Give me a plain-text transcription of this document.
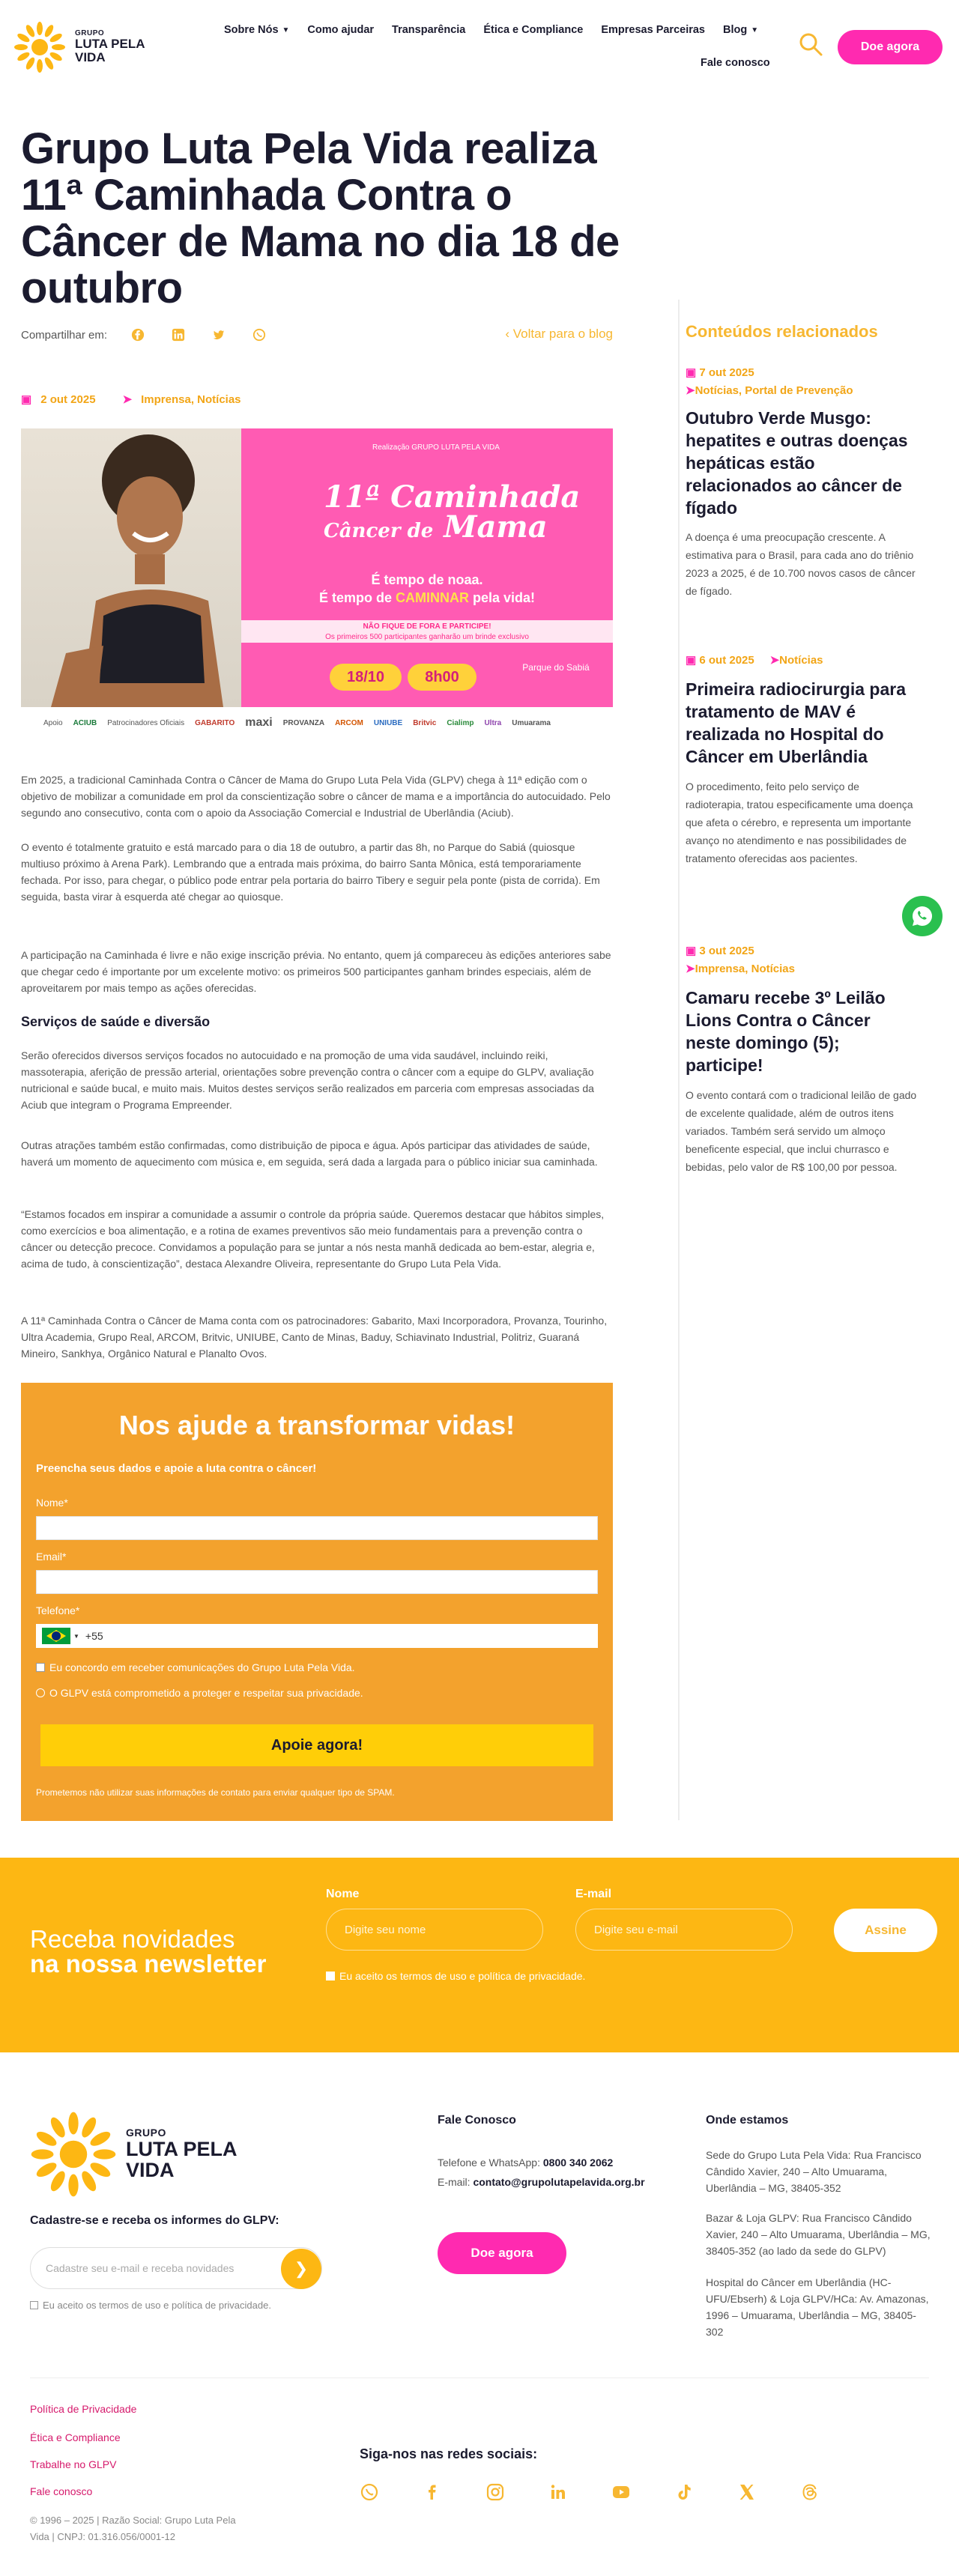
GRUPO
LUTA PELA
VIDA
Sobre Nós ▼ Como ajudar Transparência Ética e Compliance Empresas Parceiras Blog ▼
Fale conosco
Doe agora
Grupo Luta Pela Vida realiza 11ª Caminhada Contra o Câncer de Mama no dia 18 de outubro
Compartilhar em:	‹ Voltar para o blog
▣ 2 out 2025 ➤ Imprensa, Notícias
Realização GRUPO LUTA PELA VIDA
11ª Caminhada
Câncer de Mama
É tempo de noaa.
É tempo de CAMINNAR pela vida!
NÃO FIQUE DE FORA E PARTICIPE!
Os primeiros 500 participantes ganharão um brinde exclusivo
18/10	8h00
Parque do Sabiá
Apoio ACIUB Patrocinadores Oficiais GABARITO maxi PROVANZA ARCOM UNIUBE Britvic Cialimp Ultra Umuarama

Em 2025, a tradicional Caminhada Contra o Câncer de Mama do Grupo Luta Pela Vida (GLPV) chega à 11ª edição com o objetivo de mobilizar a comunidade em prol da conscientização sobre o câncer de mama e a importância do autocuidado. Pelo segundo ano consecutivo, conta com o apoio da Associação Comercial e Industrial de Uberlândia (Aciub).

O evento é totalmente gratuito e está marcado para o dia 18 de outubro, a partir das 8h, no Parque do Sabiá (quiosque multiuso próximo à Arena Park). Lembrando que a entrada mais próxima, do bairro Santa Mônica, está temporariamente fechada. Por isso, para chegar, o público pode entrar pela portaria do bairro Tibery e seguir pela ponte (pista de corrida). Em seguida, basta virar à esquerda até chegar ao quiosque.

A participação na Caminhada é livre e não exige inscrição prévia. No entanto, quem já compareceu às edições anteriores sabe que chegar cedo é importante por um excelente motivo: os primeiros 500 participantes ganham brindes especiais, além de aproveitarem por mais tempo as ações oferecidas.

Serviços de saúde e diversão

Serão oferecidos diversos serviços focados no autocuidado e na promoção de uma vida saudável, incluindo reiki, massoterapia, aferição de pressão arterial, orientações sobre prevenção contra o câncer com a equipe do GLPV, avaliação nutricional e saúde bucal, e muito mais. Muitos destes serviços serão realizados em parceria com empresas associadas da Aciub que integram o Programa Empreender.

Outras atrações também estão confirmadas, como distribuição de pipoca e água. Após participar das atividades de saúde, haverá um momento de aquecimento com música e, em seguida, será dada a largada para o público iniciar sua caminhada.

“Estamos focados em inspirar a comunidade a assumir o controle da própria saúde. Queremos destacar que hábitos simples, como exercícios e boa alimentação, e a rotina de exames preventivos são meio fundamentais para a prevenção contra o câncer ou detecção precoce. Convidamos a população para se juntar a nós nesta manhã dedicada ao bem-estar, alegria e, acima de tudo, à conscientização”, destaca Alexandre Oliveira, representante do Grupo Luta Pela Vida.

A 11ª Caminhada Contra o Câncer de Mama conta com os patrocinadores: Gabarito, Maxi Incorporadora, Provanza, Tourinho, Ultra Academia, Grupo Real, ARCOM, Britvic, UNIUBE, Canto de Minas, Baduy, Schiavinato Industrial, Politriz, Guaraná Mineiro, Sankhya, Orgânico Natural e Planalto Ovos.

Nos ajude a transformar vidas!
Preencha seus dados e apoie a luta contra o câncer!
Nome*
Email*
Telefone*
▼ +55
Eu concordo em receber comunicações do Grupo Luta Pela Vida.
O GLPV está comprometido a proteger e respeitar sua privacidade.
Apoie agora!
Prometemos não utilizar suas informações de contato para enviar qualquer tipo de SPAM.
Conteúdos relacionados
▣ 7 out 2025
➤Notícias, Portal de Prevenção
Outubro Verde Musgo: hepatites e outras doenças hepáticas estão relacionados ao câncer de fígado
A doença é uma preocupação crescente. A estimativa para o Brasil, para cada ano do triênio 2023 a 2025, é de 10.700 novos casos de câncer de fígado.
▣ 6 out 2025 ➤Notícias
Primeira radiocirurgia para tratamento de MAV é realizada no Hospital do Câncer em Uberlândia
O procedimento, feito pelo serviço de radioterapia, tratou especificamente uma doença que afeta o cérebro, e representa um importante avanço no atendimento e nas possibilidades de tratamento oferecidas aos pacientes.
▣ 3 out 2025
➤Imprensa, Notícias
Camaru recebe 3º Leilão Lions Contra o Câncer neste domingo (5); participe!
O evento contará com o tradicional leilão de gado de excelente qualidade, além de outros itens variados. Também será servido um almoço beneficente especial, que inclui churrasco e bebidas, pelo valor de R$ 100,00 por pessoa.
Receba novidades
na nossa newsletter
Nome
Digite seu nome
E-mail
Digite seu e-mail	Assine
Eu aceito os termos de uso e política de privacidade.
GRUPO
LUTA PELA
VIDA
Cadastre-se e receba os informes do GLPV:
Cadastre seu e-mail e receba novidades	❯
Eu aceito os termos de uso e política de privacidade.
Fale Conosco
Telefone e WhatsApp: 0800 340 2062
E-mail: contato@grupolutapelavida.org.br
Doe agora
Onde estamos
Sede do Grupo Luta Pela Vida: Rua Francisco Cândido Xavier, 240 – Alto Umuarama, Uberlândia – MG, 38405-352
Bazar & Loja GLPV: Rua Francisco Cândido Xavier, 240 – Alto Umuarama, Uberlândia – MG, 38405-352 (ao lado da sede do GLPV)
Hospital do Câncer em Uberlândia (HC-UFU/Ebserh) & Loja GLPV/HCa: Av. Amazonas, 1996 – Umuarama, Uberlândia – MG, 38405-302
Política de Privacidade
Ética e Compliance
Trabalhe no GLPV
Fale conosco
© 1996 – 2025 | Razão Social: Grupo Luta Pela Vida | CNPJ: 01.316.056/0001-12
Siga-nos nas redes sociais:
